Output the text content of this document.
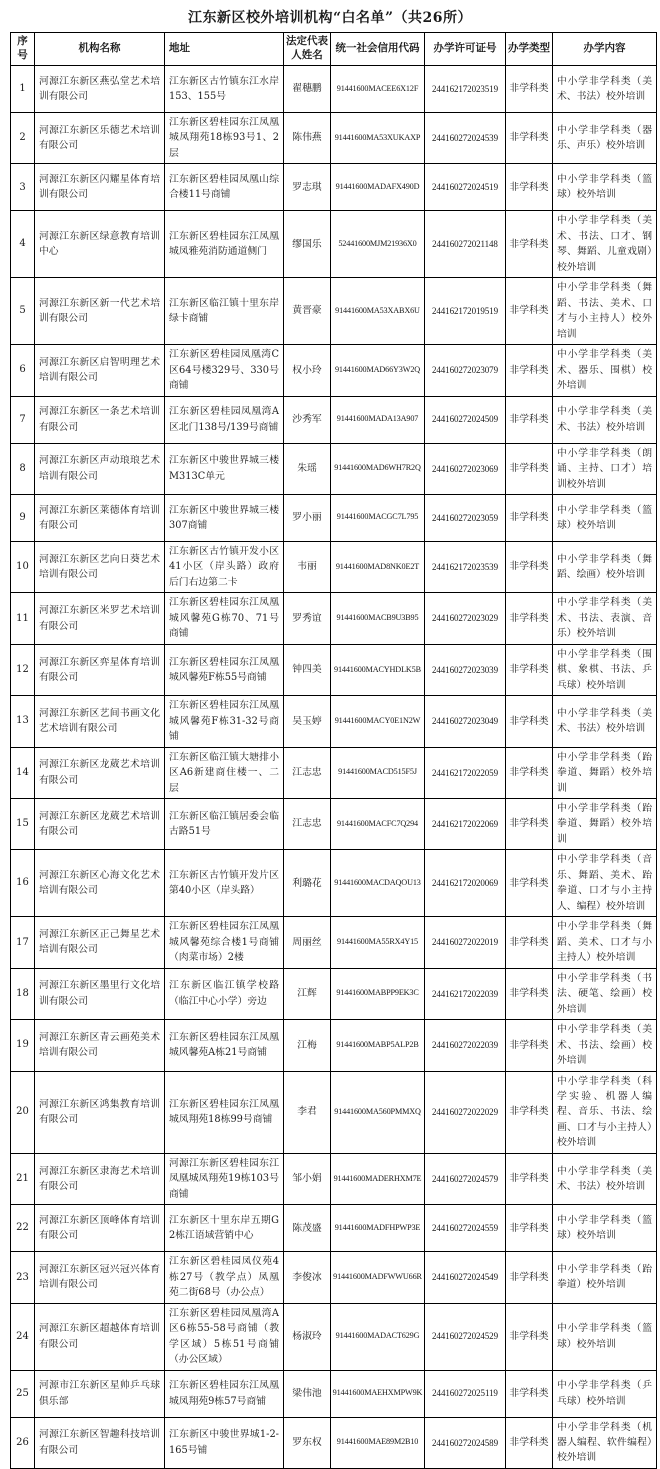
江东新区校外培训机构“白名单”（共26所）
序号	机构名称	地址	法定代表人姓名	统一社会信用代码	办学许可证号	办学类型	办学内容
1	河源江东新区燕弘堂艺术培训有限公司	江东新区古竹镇东江水岸153、155号	翟穗鹏	91441600MACEE6X12F	244162172023519	非学科类	中小学非学科类（美术、书法）校外培训
2	河源江东新区乐德艺术培训有限公司	江东新区碧桂园东江凤凰城凤翔苑18栋93号1、2层	陈伟燕	91441600MA53XUKAXP	244160272024539	非学科类	中小学非学科类（器乐、声乐）校外培训
3	河源江东新区闪耀星体育培训有限公司	江东新区碧桂园凤凰山综合楼11号商铺	罗志琪	91441600MADAFX490D	244160272024519	非学科类	中小学非学科类（篮球）校外培训
4	河源江东新区绿意教育培训中心	江东新区碧桂园东江凤凰城凤雅苑消防通道侧门	缪国乐	52441600MJM21936X0	244160272021148	非学科类	中小学非学科类（美术、书法、口才、钢琴、舞蹈、儿童戏剧）校外培训
5	河源江东新区新一代艺术培训有限公司	江东新区临江镇十里东岸绿卡商铺	黄晋豪	91441600MA53XABX6U	244162172019519	非学科类	中小学非学科类（舞蹈、书法、美术、口才与小主持人）校外培训
6	河源江东新区启智明理艺术培训有限公司	江东新区碧桂园凤凰湾C区64号楼329号、330号商铺	权小玲	91441600MAD66Y3W2Q	244160272023079	非学科类	中小学非学科类（美术、器乐、围棋）校外培训
7	河源江东新区一条艺术培训有限公司	江东新区碧桂园凤凰湾A区北门138号/139号商铺	沙秀军	91441600MADA13A907	244160272024509	非学科类	中小学非学科类（美术、书法）校外培训
8	河源江东新区声动琅琅艺术培训有限公司	江东新区中骏世界城三楼M313C单元	朱瑶	91441600MAD6WH7R2Q	244160272023069	非学科类	中小学非学科类（朗诵、主持、口才）培训校外培训
9	河源江东新区莱德体育培训有限公司	江东新区中骏世界城三楼307商铺	罗小丽	91441600MACGC7L795	244160272023059	非学科类	中小学非学科类（篮球）校外培训
10	河源江东新区艺向日葵艺术培训有限公司	江东新区古竹镇开发小区41小区（岸头路）政府后门右边第二卡	韦丽	91441600MAD8NK0E2T	244162172023539	非学科类	中小学非学科类（舞蹈、绘画）校外培训
11	河源江东新区米罗艺术培训有限公司	江东新区碧桂园东江凤凰城风馨苑G栋70、71号商铺	罗秀谊	91441600MACB9U3B95	244160272023029	非学科类	中小学非学科类（美术、书法、表演、音乐）校外培训
12	河源江东新区弈星体育培训有限公司	江东新区碧桂园东江凤凰城风馨苑F栋55号商铺	钟四美	91441600MACYHDLK5B	244160272023039	非学科类	中小学非学科类（围棋、象棋、书法、乒乓球）校外培训
13	河源江东新区艺间书画文化艺术培训有限公司	江东新区碧桂园东江凤凰城风馨苑F栋31-32号商铺	吴玉婷	91441600MACY0E1N2W	244160272023049	非学科类	中小学非学科类（美术、书法）校外培训
14	河源江东新区龙葳艺术培训有限公司	江东新区临江镇大塘排小区A6新建商住楼一、二层	江志忠	91441600MACD515F5J	244162172022059	非学科类	中小学非学科类（跆拳道、舞蹈）校外培训
15	河源江东新区龙葳艺术培训有限公司	江东新区临江镇居委会临古路51号	江志忠	91441600MACFC7Q294	244162172022069	非学科类	中小学非学科类（跆拳道、舞蹈）校外培训
16	河源江东新区心海文化艺术培训有限公司	江东新区古竹镇开发片区第40小区（岸头路）	利璐花	91441600MACDAQOU13	244162172020069	非学科类	中小学非学科类（音乐、舞蹈、美术、跆拳道、口才与小主持人、编程）校外培训
17	河源江东新区正己舞星艺术培训有限公司	江东新区碧桂园东江凤凰城风馨苑综合楼1号商铺（肉菜市场）2楼	周丽丝	91441600MA55RX4Y15	244160272022019	非学科类	中小学非学科类（舞蹈、美术、口才与小主持人）校外培训
18	河源江东新区墨里行文化培训有限公司	江东新区临江镇学校路（临江中心小学）旁边	江辉	91441600MABPP9EK3C	244162172022039	非学科类	中小学非学科类（书法、硬笔、绘画）校外培训
19	河源江东新区青云画苑美术培训有限公司	江东新区碧桂园东江凤凰城风馨苑A栋21号商铺	江梅	91441600MABP5ALP2B	244160272022039	非学科类	中小学非学科类（美术、书法、绘画）校外培训
20	河源江东新区鸿集教育培训有限公司	江东新区碧桂园东江凤凰城凤翔苑18栋99号商铺	李君	91441600MA560PMMXQ	244160272022029	非学科类	中小学非学科类（科学实验、机器人编程、音乐、书法、绘画、口才与小主持人）校外培训
21	河源江东新区隶海艺术培训有限公司	河源江东新区碧桂园东江凤凰城凤翔苑19栋103号商铺	邹小娟	91441600MADERHXM7E	244160272024579	非学科类	中小学非学科类（美术、书法）校外培训
22	河源江东新区顶峰体育培训有限公司	江东新区十里东岸五期G2栋江语域营销中心	陈茂盛	91441600MADFHPWP3E	244160272024559	非学科类	中小学非学科类（篮球）校外培训
23	河源江东新区冠兴冠兴体育培训有限公司	江东新区碧桂园凤仪苑4栋27号（教学点）凤凰苑二街68号（办公点）	李俊冰	91441600MADFWWU66R	244160272024549	非学科类	中小学非学科类（跆拳道）校外培训
24	河源江东新区超越体育培训有限公司	江东新区碧桂园凤凰湾A区6栋55-58号商铺（教学区域）5栋51号商铺（办公区域）	杨淑玲	91441600MADACT629G	244160272024529	非学科类	中小学非学科类（篮球）校外培训
25	河源市江东新区星帅乒乓球俱乐部	江东新区碧桂园东江凤凰城凤翔苑9栋57号商铺	梁伟池	91441600MAEHXMPW9K	244160272025119	非学科类	中小学非学科类（乒乓球）校外培训
26	河源江东新区智趣科技培训有限公司	江东新区中骏世界城1-2-165号铺	罗东权	91441600MAE89M2B10	244160272024589	非学科类	中小学非学科类（机器人编程、软件编程）校外培训
